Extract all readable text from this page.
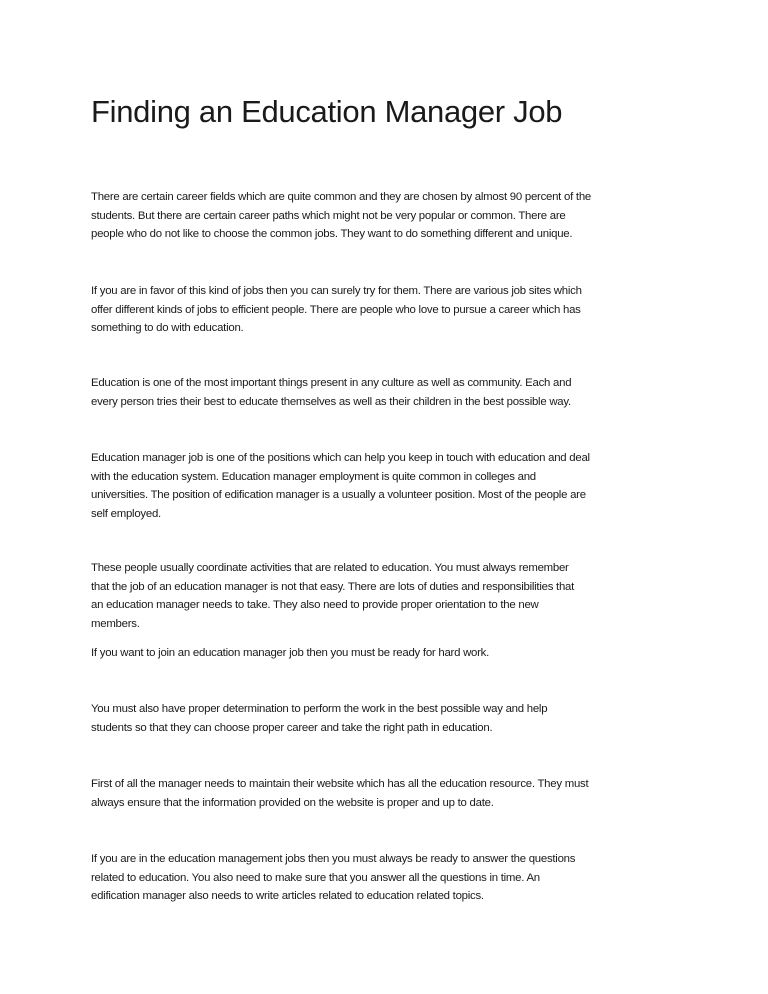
Finding an Education Manager Job

There are certain career fields which are quite common and they are chosen by almost 90 percent of the
students. But there are certain career paths which might not be very popular or common. There are
people who do not like to choose the common jobs. They want to do something different and unique.

If you are in favor of this kind of jobs then you can surely try for them. There are various job sites which
offer different kinds of jobs to efficient people. There are people who love to pursue a career which has
something to do with education.

Education is one of the most important things present in any culture as well as community. Each and
every person tries their best to educate themselves as well as their children in the best possible way.

Education manager job is one of the positions which can help you keep in touch with education and deal
with the education system. Education manager employment is quite common in colleges and
universities. The position of edification manager is a usually a volunteer position. Most of the people are
self employed.

These people usually coordinate activities that are related to education. You must always remember
that the job of an education manager is not that easy. There are lots of duties and responsibilities that
an education manager needs to take. They also need to provide proper orientation to the new
members.

If you want to join an education manager job then you must be ready for hard work.

You must also have proper determination to perform the work in the best possible way and help
students so that they can choose proper career and take the right path in education.

First of all the manager needs to maintain their website which has all the education resource. They must
always ensure that the information provided on the website is proper and up to date.

If you are in the education management jobs then you must always be ready to answer the questions
related to education. You also need to make sure that you answer all the questions in time. An
edification manager also needs to write articles related to education related topics.
